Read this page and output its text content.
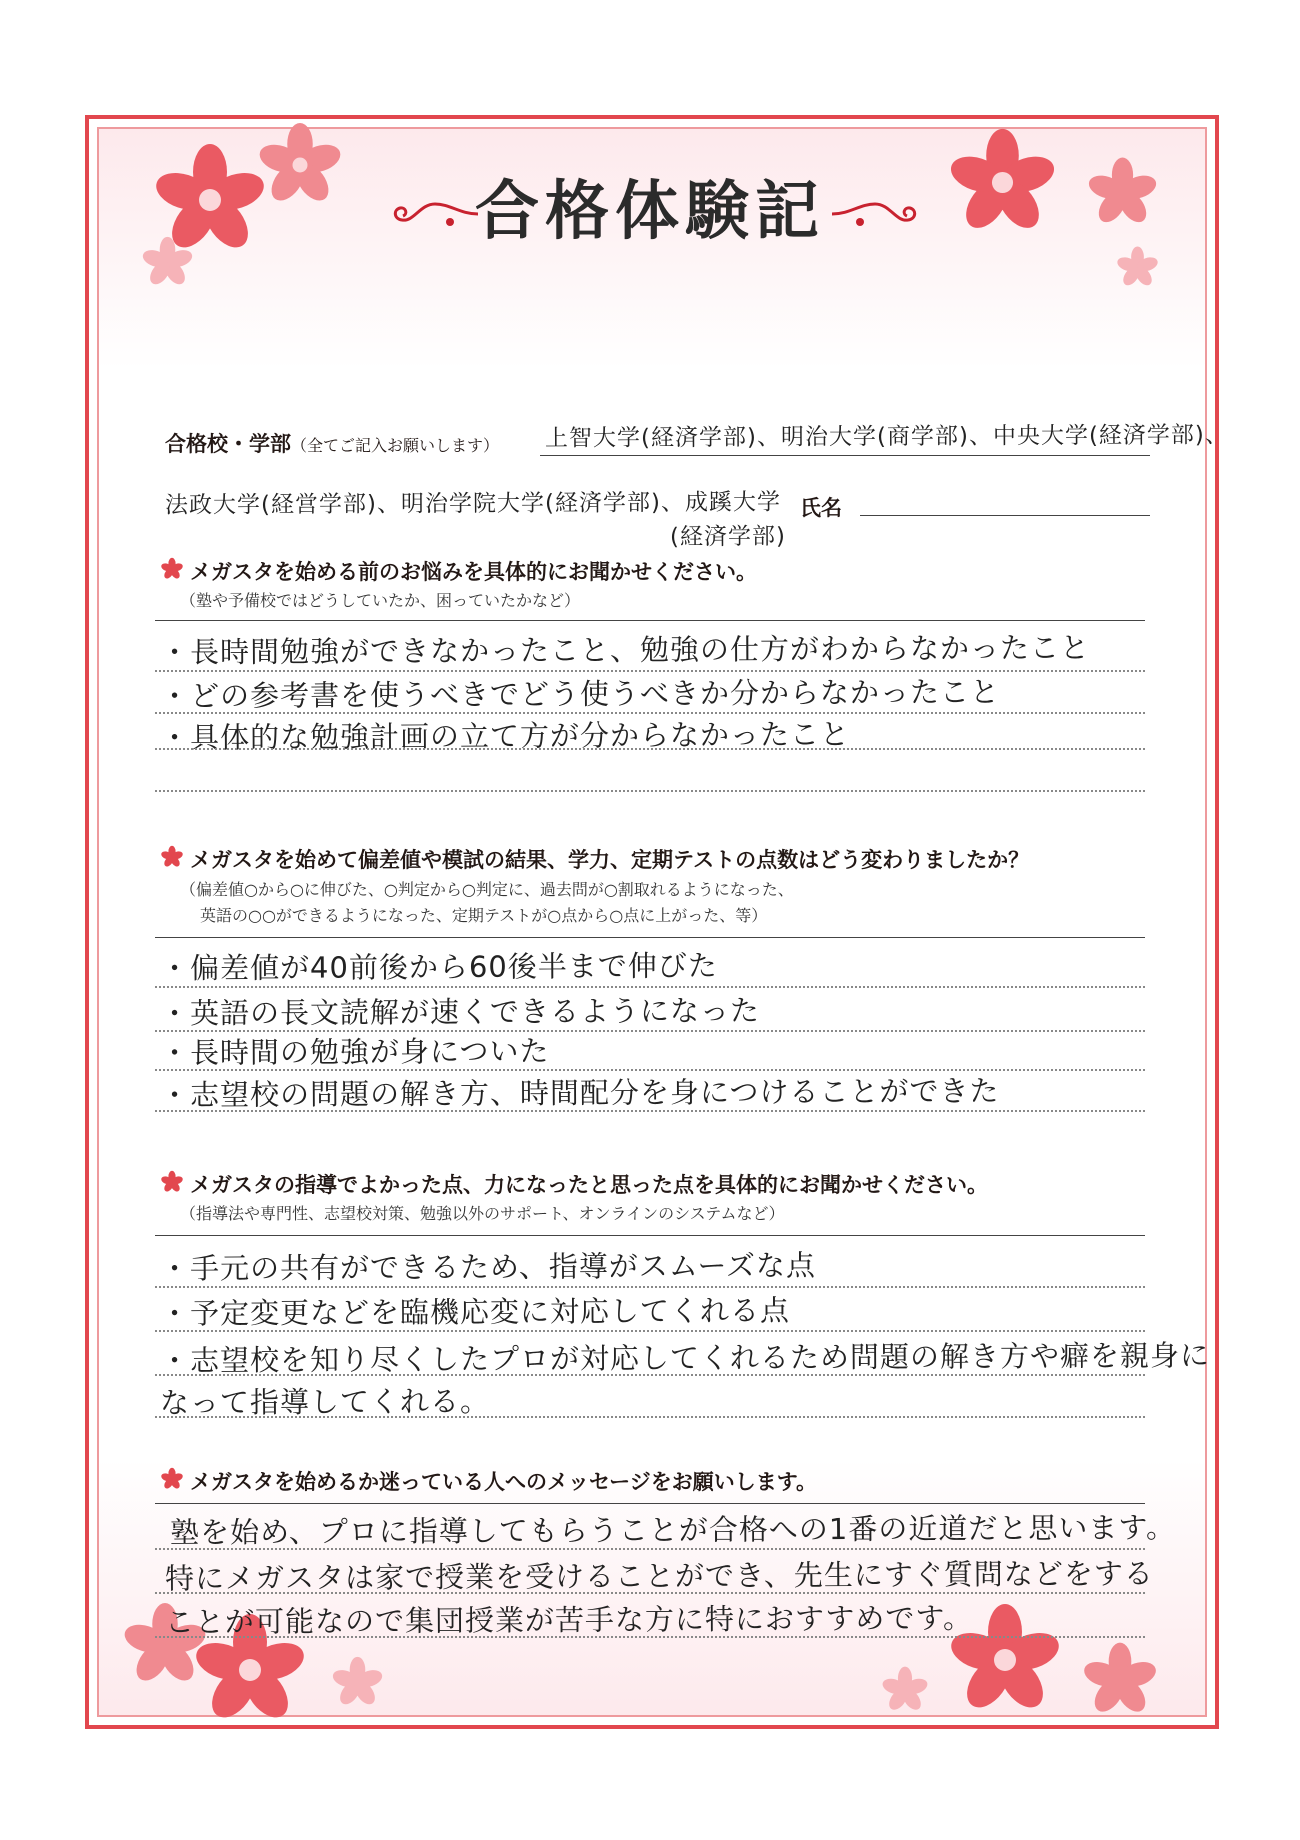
合格体験記
合格校・学部（全てご記入お願いします） 上智大学(経済学部)、明治大学(商学部)、中央大学(経済学部)、
法政大学(経営学部)、明治学院大学(経済学部)、成蹊大学
(経済学部)
氏名
メガスタを始める前のお悩みを具体的にお聞かせください。
（塾や予備校ではどうしていたか、困っていたかなど）
・長時間勉強ができなかったこと、勉強の仕方がわからなかったこと
・どの参考書を使うべきでどう使うべきか分からなかったこと
・具体的な勉強計画の立て方が分からなかったこと
メガスタを始めて偏差値や模試の結果、学力、定期テストの点数はどう変わりましたか？
（偏差値○から○に伸びた、○判定から○判定に、過去問が○割取れるようになった、
英語の○○ができるようになった、定期テストが○点から○点に上がった、等）
・偏差値が40前後から60後半まで伸びた
・英語の長文読解が速くできるようになった
・長時間の勉強が身についた
・志望校の問題の解き方、時間配分を身につけることができた
メガスタの指導でよかった点、力になったと思った点を具体的にお聞かせください。
（指導法や専門性、志望校対策、勉強以外のサポート、オンラインのシステムなど）
・手元の共有ができるため、指導がスムーズな点
・予定変更などを臨機応変に対応してくれる点
・志望校を知り尽くしたプロが対応してくれるため問題の解き方や癖を親身に
なって指導してくれる。
メガスタを始めるか迷っている人へのメッセージをお願いします。
塾を始め、プロに指導してもらうことが合格への1番の近道だと思います。
特にメガスタは家で授業を受けることができ、先生にすぐ質問などをする
ことが可能なので集団授業が苦手な方に特におすすめです。
